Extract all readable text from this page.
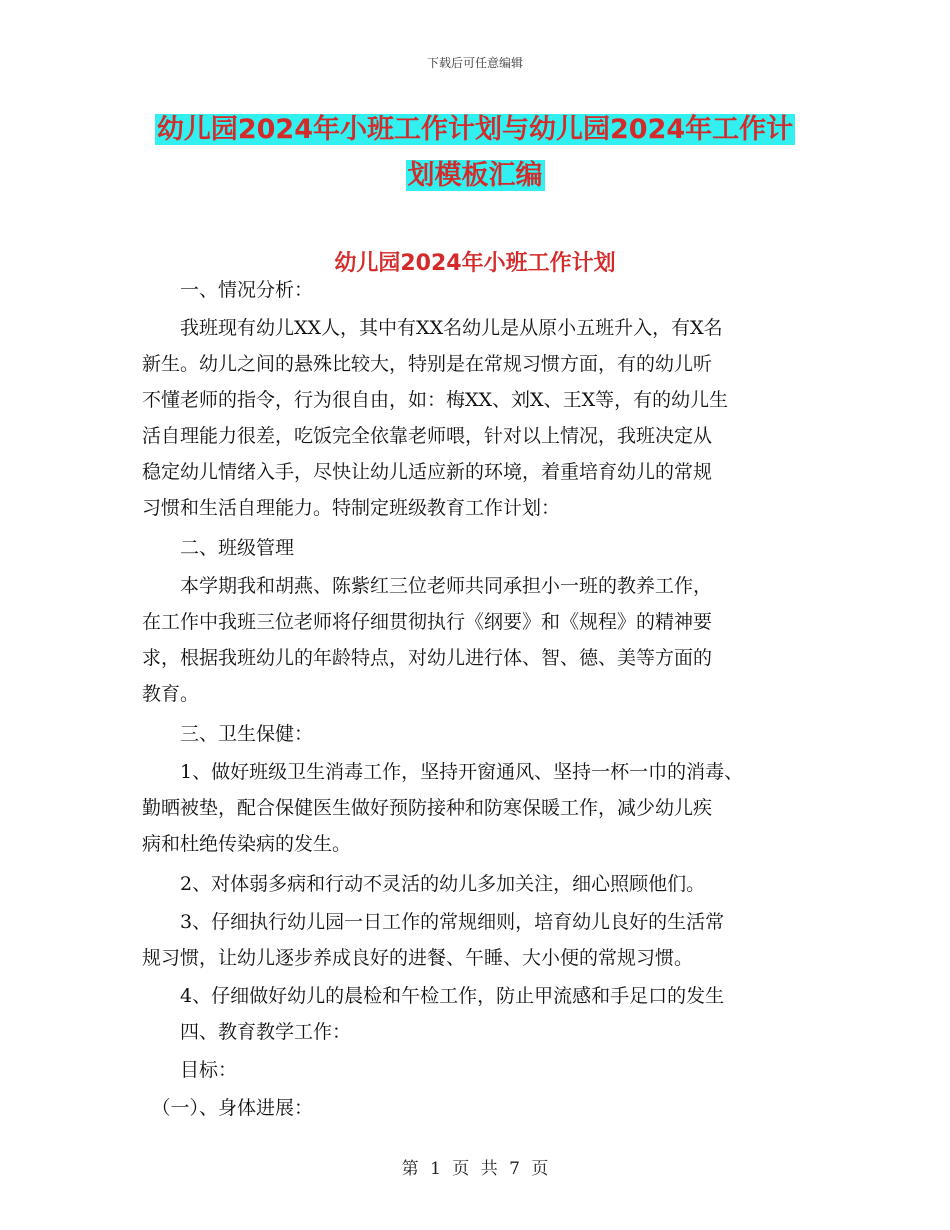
下载后可任意编辑
幼儿园2024年小班工作计划与幼儿园2024年工作计
划模板汇编
幼儿园2024年小班工作计划

　　一、情况分析：

　　我班现有幼儿XX人，其中有XX名幼儿是从原小五班升入，有X名

新生。幼儿之间的悬殊比较大，特别是在常规习惯方面，有的幼儿听

不懂老师的指令，行为很自由，如：梅XX、刘X、王X等，有的幼儿生

活自理能力很差，吃饭完全依靠老师喂，针对以上情况，我班决定从

稳定幼儿情绪入手，尽快让幼儿适应新的环境，着重培育幼儿的常规

习惯和生活自理能力。特制定班级教育工作计划：

　　二、班级管理

　　本学期我和胡燕、陈紫红三位老师共同承担小一班的教养工作，

在工作中我班三位老师将仔细贯彻执行《纲要》和《规程》的精神要

求，根据我班幼儿的年龄特点，对幼儿进行体、智、德、美等方面的

教育。

　　三、卫生保健：

　　1、做好班级卫生消毒工作，坚持开窗通风、坚持一杯一巾的消毒、

勤晒被垫，配合保健医生做好预防接种和防寒保暖工作，减少幼儿疾

病和杜绝传染病的发生。

　　2、对体弱多病和行动不灵活的幼儿多加关注，细心照顾他们。

　　3、仔细执行幼儿园一日工作的常规细则，培育幼儿良好的生活常

规习惯，让幼儿逐步养成良好的进餐、午睡、大小便的常规习惯。

　　4、仔细做好幼儿的晨检和午检工作，防止甲流感和手足口的发生

　　四、教育教学工作：

　　目标：

　（一）、身体进展：

第 1 页 共 7 页
